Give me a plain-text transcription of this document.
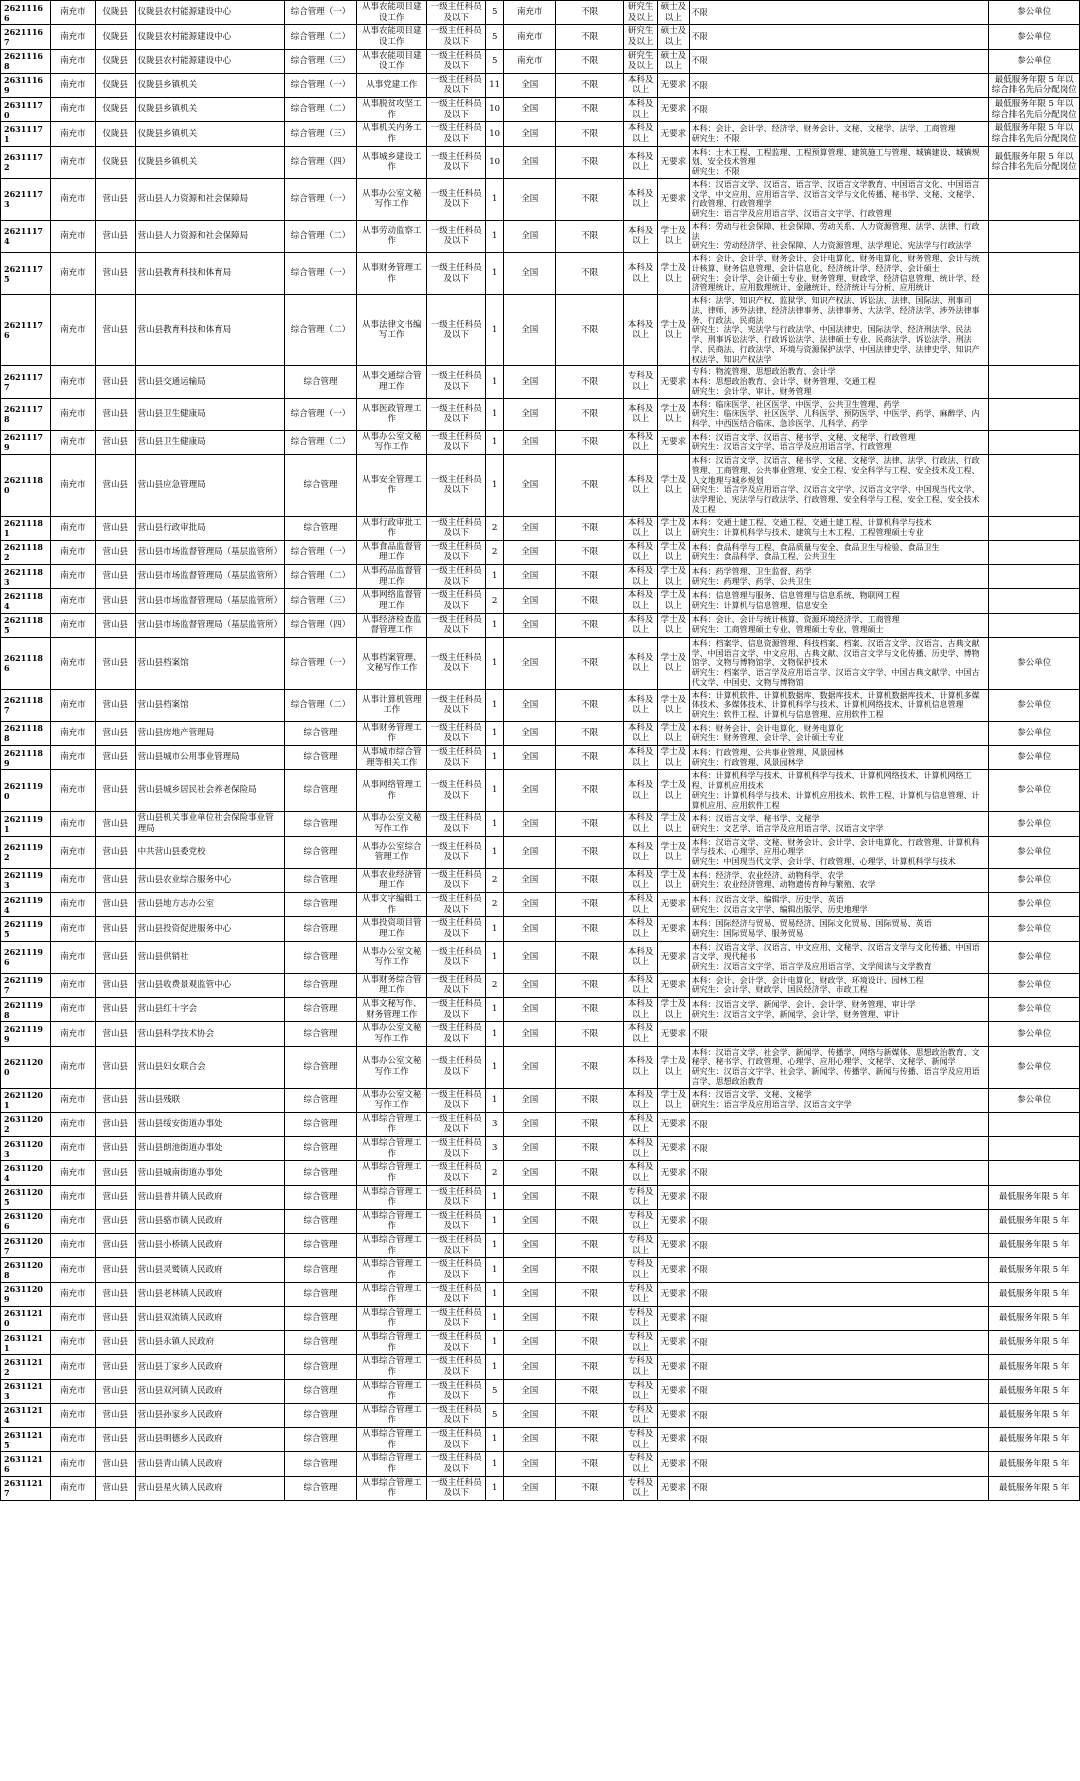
26211166	南充市	仪陇县	仪陇县农村能源建设中心	综合管理（一）	从事农能项目建设工作	一级主任科员及以下	5	南充市	不限	研究生及以上	硕士及以上	不限	参公单位
26211167	南充市	仪陇县	仪陇县农村能源建设中心	综合管理（二）	从事农能项目建设工作	一级主任科员及以下	5	南充市	不限	研究生及以上	硕士及以上	不限	参公单位
26211168	南充市	仪陇县	仪陇县农村能源建设中心	综合管理（三）	从事农能项目建设工作	一级主任科员及以下	5	南充市	不限	研究生及以上	硕士及以上	不限	参公单位
26311169	南充市	仪陇县	仪陇县乡镇机关	综合管理（一）	从事党建工作	一级主任科员及以下	11	全国	不限	本科及以上	无要求	不限	最低服务年限 5 年以综合排名先后分配岗位
26311170	南充市	仪陇县	仪陇县乡镇机关	综合管理（二）	从事脱贫攻坚工作	一级主任科员及以下	10	全国	不限	本科及以上	无要求	不限	最低服务年限 5 年以综合排名先后分配岗位
26311171	南充市	仪陇县	仪陇县乡镇机关	综合管理（三）	从事机关内务工作	一级主任科员及以下	10	全国	不限	本科及以上	无要求	本科：会计、会计学、经济学、财务会计、文秘、文秘学、法学、工商管理
研究生：不限	最低服务年限 5 年以综合排名先后分配岗位
26311172	南充市	仪陇县	仪陇县乡镇机关	综合管理（四）	从事城乡建设工作	一级主任科员及以下	10	全国	不限	本科及以上	无要求	本科：土木工程、工程监理、工程预算管理、建筑施工与管理、城镇建设、城镇规划、安全技术管理
研究生：不限	最低服务年限 5 年以综合排名先后分配岗位
26211173	南充市	营山县	营山县人力资源和社会保障局	综合管理（一）	从事办公室文秘写作工作	一级主任科员及以下	1	全国	不限	本科及以上	无要求	本科：汉语言文学、汉语言、语言学、汉语言文学教育、中国语言文化、中国语言文学、中文应用、应用语言学、汉语言文学与文化传播、秘书学、文秘、文秘学、行政管理、行政管理学
研究生：语言学及应用语言学、汉语言文字学、行政管理	
26211174	南充市	营山县	营山县人力资源和社会保障局	综合管理（二）	从事劳动监察工作	一级主任科员及以下	1	全国	不限	本科及以上	学士及以上	本科：劳动与社会保障、社会保障、劳动关系、人力资源管理、法学、法律、行政法
研究生：劳动经济学、社会保障、人力资源管理、法学理论、宪法学与行政法学	
26211175	南充市	营山县	营山县教育科技和体育局	综合管理（一）	从事财务管理工作	一级主任科员及以下	1	全国	不限	本科及以上	学士及以上	本科：会计、会计学、财务会计、会计电算化、财务电算化、财务管理、会计与统计核算、财务信息管理、会计信息化、经济统计学、经济学、会计硕士
研究生：会计学、会计硕士专业、财务管理、财政学、经济信息管理、统计学、经济管理统计、应用数理统计、金融统计、经济统计与分析、应用统计	
26211176	南充市	营山县	营山县教育科技和体育局	综合管理（二）	从事法律文书编写工作	一级主任科员及以下	1	全国	不限	本科及以上	学士及以上	本科：法学、知识产权、监狱学、知识产权法、诉讼法、法律、国际法、刑事司法、律师、涉外法律、经济法律事务、法律事务、大法学、经济法学、涉外法律事务、行政法、民商法
研究生：法学、宪法学与行政法学、中国法律史、国际法学、经济刑法学、民法学、刑事诉讼法学、行政诉讼法学、法律硕士专业、民商法学、诉讼法学、刑法学、民商法、行政法学、环境与资源保护法学、中国法律史学、法律史学、知识产权法学、知识产权法学	
26211177	南充市	营山县	营山县交通运输局	综合管理	从事交通综合管理工作	一级主任科员及以下	1	全国	不限	专科及以上	无要求	专科：物流管理、思想政治教育、会计学
本科：思想政治教育、会计学、财务管理、交通工程
研究生：会计学、审计、财务管理	
26211178	南充市	营山县	营山县卫生健康局	综合管理（一）	从事医政管理工作	一级主任科员及以下	1	全国	不限	本科及以上	学士及以上	本科：临床医学、社区医学、中医学、公共卫生管理、药学
研究生：临床医学、社区医学、儿科医学、预防医学、中医学、药学、麻醉学、内科学、中西医结合临床、急诊医学、儿科学、药学	
26211179	南充市	营山县	营山县卫生健康局	综合管理（二）	从事办公室文秘写作工作	一级主任科员及以下	1	全国	不限	本科及以上	无要求	本科：汉语言文学、汉语言、秘书学、文秘、文秘学、行政管理
研究生：汉语言文字学、语言学及应用语言学、行政管理	
26211180	南充市	营山县	营山县应急管理局	综合管理	从事安全管理工作	一级主任科员及以下	1	全国	不限	本科及以上	学士及以上	本科：汉语言文学、汉语言、秘书学、文秘、文秘学、法律、法学、行政法、行政管理、工商管理、公共事业管理、安全工程、安全科学与工程、安全技术及工程、人文地理与城乡规划
研究生：语言学及应用语言学、汉语言文字学、汉语言文字学、中国现当代文学、法学理论、宪法学与行政法学、行政管理、安全科学与工程、安全工程、安全技术及工程	
26211181	南充市	营山县	营山县行政审批局	综合管理	从事行政审批工作	一级主任科员及以下	2	全国	不限	本科及以上	学士及以上	本科：交通土建工程、交通工程、交通土建工程、计算机科学与技术
研究生：计算机科学与技术、建筑与土木工程、工程管理硕士专业	
26211182	南充市	营山县	营山县市场监督管理局（基层监管所）	综合管理（一）	从事食品监督管理工作	一级主任科员及以下	2	全国	不限	本科及以上	学士及以上	本科：食品科学与工程、食品质量与安全、食品卫生与检验、食品卫生
研究生：食品科学、食品工程、公共卫生	
26211183	南充市	营山县	营山县市场监督管理局（基层监管所）	综合管理（二）	从事药品监督管理工作	一级主任科员及以下	1	全国	不限	本科及以上	学士及以上	本科：药学管理、卫生监督、药学
研究生：药理学、药学、公共卫生	
26211184	南充市	营山县	营山县市场监督管理局（基层监管所）	综合管理（三）	从事网络监督管理工作	一级主任科员及以下	2	全国	不限	本科及以上	学士及以上	本科：信息管理与服务、信息管理与信息系统、物联网工程
研究生：计算机与信息管理、信息安全	
26211185	南充市	营山县	营山县市场监督管理局（基层监管所）	综合管理（四）	从事经济检查监督管理工作	一级主任科员及以下	1	全国	不限	本科及以上	学士及以上	本科：会计、会计与统计核算、资源环境经济学、工商管理
研究生：工商管理硕士专业、管理硕士专业、管理硕士	
26211186	南充市	营山县	营山县档案馆	综合管理（一）	从事档案管理、文秘写作工作	一级主任科员及以下	1	全国	不限	本科及以上	学士及以上	本科：档案学、信息资源管理、科技档案、档案、汉语言文学、汉语言、古典文献学、中国语言文学、中文应用、古典文献、汉语言文学与文化传播、历史学、博物馆学、文物与博物馆学、文物保护技术
研究生：档案学、语言学及应用语言学、汉语言文字学、中国古典文献学、中国古代文学、中国史、文物与博物馆	参公单位
26211187	南充市	营山县	营山县档案馆	综合管理（二）	从事计算机管理工作	一级主任科员及以下	1	全国	不限	本科及以上	学士及以上	本科：计算机软件、计算机数据库、数据库技术、计算机数据库技术、计算机多媒体技术、多媒体技术、计算机科学与技术、计算机网络技术、计算机信息管理
研究生：软件工程、计算机与信息管理、应用软件工程	参公单位
26211188	南充市	营山县	营山县房地产管理局	综合管理	从事财务管理工作	一级主任科员及以下	1	全国	不限	本科及以上	学士及以上	本科：财务会计、会计电算化、财务电算化
研究生：财务管理、会计学、会计硕士专业	参公单位
26211189	南充市	营山县	营山县城市公用事业管理局	综合管理	从事城市综合管理等相关工作	一级主任科员及以下	1	全国	不限	本科及以上	学士及以上	本科：行政管理、公共事业管理、风景园林
研究生：行政管理、风景园林学	参公单位
26211190	南充市	营山县	营山县城乡居民社会养老保险局	综合管理	从事网络管理工作	一级主任科员及以下	1	全国	不限	本科及以上	学士及以上	本科：计算机科学与技术、计算机科学与技术、计算机网络技术、计算机网络工程、计算机应用技术
研究生：计算机科学与技术、计算机应用技术、软件工程、计算机与信息管理、计算机应用、应用软件工程	参公单位
26211191	南充市	营山县	营山县机关事业单位社会保险事业管理局	综合管理	从事办公室文秘写作工作	一级主任科员及以下	1	全国	不限	本科及以上	学士及以上	本科：汉语言文学、秘书学、文秘学
研究生：文艺学、语言学及应用语言学、汉语言文字学	参公单位
26211192	南充市	营山县	中共营山县委党校	综合管理	从事办公室综合管理工作	一级主任科员及以下	1	全国	不限	本科及以上	学士及以上	本科：汉语言文学、文秘、财务会计、会计学、会计电算化、行政管理、计算机科学与技术、心理学、应用心理学
研究生：中国现当代文学、会计学、行政管理、心理学、计算机科学与技术	参公单位
26211193	南充市	营山县	营山县农业综合服务中心	综合管理	从事农业经济管理工作	一级主任科员及以下	2	全国	不限	本科及以上	学士及以上	本科：经济学、农业经济、动物科学、农学
研究生：农业经济管理、动物遗传育种与繁殖、农学	参公单位
26211194	南充市	营山县	营山县地方志办公室	综合管理	从事文字编辑工作	一级主任科员及以下	2	全国	不限	本科及以上	无要求	本科：汉语言文学、编辑学、历史学、英语
研究生：汉语言文字学、编辑出版学、历史地理学	参公单位
26211195	南充市	营山县	营山县投资促进服务中心	综合管理	从事投资项目管理工作	一级主任科员及以下	1	全国	不限	本科及以上	无要求	本科：国际经济与贸易、贸易经济、国际文化贸易、国际贸易、英语
研究生：国际贸易学、服务贸易	参公单位
26211196	南充市	营山县	营山县供销社	综合管理	从事办公室文秘写作工作	一级主任科员及以下	1	全国	不限	本科及以上	无要求	本科：汉语言文学、汉语言、中文应用、文秘学、汉语言文学与文化传播、中国语言文学、现代秘书
研究生：汉语言文字学、语言学及应用语言学、文学阅读与文学教育	参公单位
26211197	南充市	营山县	营山县收费景观监管中心	综合管理	从事财务综合管理工作	一级主任科员及以下	2	全国	不限	本科及以上	无要求	本科：会计、会计学、会计电算化、财政学、环境设计、园林工程
研究生：会计学、财政学、国民经济学、市政工程	参公单位
26211198	南充市	营山县	营山县红十字会	综合管理	从事文秘写作、财务管理工作	一级主任科员及以下	1	全国	不限	本科及以上	学士及以上	本科：汉语言文学、新闻学、会计、会计学、财务管理、审计学
研究生：汉语言文字学、新闻学、会计学、财务管理、审计	参公单位
26211199	南充市	营山县	营山县科学技术协会	综合管理	从事办公室文秘写作工作	一级主任科员及以下	1	全国	不限	本科及以上	无要求	不限	参公单位
26211200	南充市	营山县	营山县妇女联合会	综合管理	从事办公室文秘写作工作	一级主任科员及以下	1	全国	不限	本科及以上	学士及以上	本科：汉语言文学、社会学、新闻学、传播学、网络与新媒体、思想政治教育、文秘学、秘书学、行政管理、心理学、应用心理学、文秘学、文秘学、新闻学
研究生：汉语言文字学、社会学、新闻学、传播学、新闻与传播、语言学及应用语言学、思想政治教育	参公单位
26211201	南充市	营山县	营山县残联	综合管理	从事办公室文秘写作工作	一级主任科员及以下	1	全国	不限	本科及以上	学士及以上	本科：汉语言文学、文秘、文秘学
研究生：语言学及应用语言学、汉语言文字学	参公单位
26311202	南充市	营山县	营山县绥安街道办事处	综合管理	从事综合管理工作	一级主任科员及以下	3	全国	不限	本科及以上	无要求	不限	
26311203	南充市	营山县	营山县朗池街道办事处	综合管理	从事综合管理工作	一级主任科员及以下	3	全国	不限	本科及以上	无要求	不限	
26311204	南充市	营山县	营山县城南街道办事处	综合管理	从事综合管理工作	一级主任科员及以下	2	全国	不限	本科及以上	无要求	不限	
26311205	南充市	营山县	营山县普井镇人民政府	综合管理	从事综合管理工作	一级主任科员及以下	1	全国	不限	专科及以上	无要求	不限	最低服务年限 5 年
26311206	南充市	营山县	营山县骆市镇人民政府	综合管理	从事综合管理工作	一级主任科员及以下	1	全国	不限	专科及以上	无要求	不限	最低服务年限 5 年
26311207	南充市	营山县	营山县小桥镇人民政府	综合管理	从事综合管理工作	一级主任科员及以下	1	全国	不限	专科及以上	无要求	不限	最低服务年限 5 年
26311208	南充市	营山县	营山县灵鹫镇人民政府	综合管理	从事综合管理工作	一级主任科员及以下	1	全国	不限	专科及以上	无要求	不限	最低服务年限 5 年
26311209	南充市	营山县	营山县老林镇人民政府	综合管理	从事综合管理工作	一级主任科员及以下	1	全国	不限	专科及以上	无要求	不限	最低服务年限 5 年
26311210	南充市	营山县	营山县双流镇人民政府	综合管理	从事综合管理工作	一级主任科员及以下	1	全国	不限	专科及以上	无要求	不限	最低服务年限 5 年
26311211	南充市	营山县	营山县永镇人民政府	综合管理	从事综合管理工作	一级主任科员及以下	1	全国	不限	专科及以上	无要求	不限	最低服务年限 5 年
26311212	南充市	营山县	营山县丁家乡人民政府	综合管理	从事综合管理工作	一级主任科员及以下	1	全国	不限	专科及以上	无要求	不限	最低服务年限 5 年
26311213	南充市	营山县	营山县双河镇人民政府	综合管理	从事综合管理工作	一级主任科员及以下	5	全国	不限	专科及以上	无要求	不限	最低服务年限 5 年
26311214	南充市	营山县	营山县孙家乡人民政府	综合管理	从事综合管理工作	一级主任科员及以下	5	全国	不限	专科及以上	无要求	不限	最低服务年限 5 年
26311215	南充市	营山县	营山县明德乡人民政府	综合管理	从事综合管理工作	一级主任科员及以下	1	全国	不限	专科及以上	无要求	不限	最低服务年限 5 年
26311216	南充市	营山县	营山县青山镇人民政府	综合管理	从事综合管理工作	一级主任科员及以下	1	全国	不限	专科及以上	无要求	不限	最低服务年限 5 年
26311217	南充市	营山县	营山县星火镇人民政府	综合管理	从事综合管理工作	一级主任科员及以下	1	全国	不限	专科及以上	无要求	不限	最低服务年限 5 年
